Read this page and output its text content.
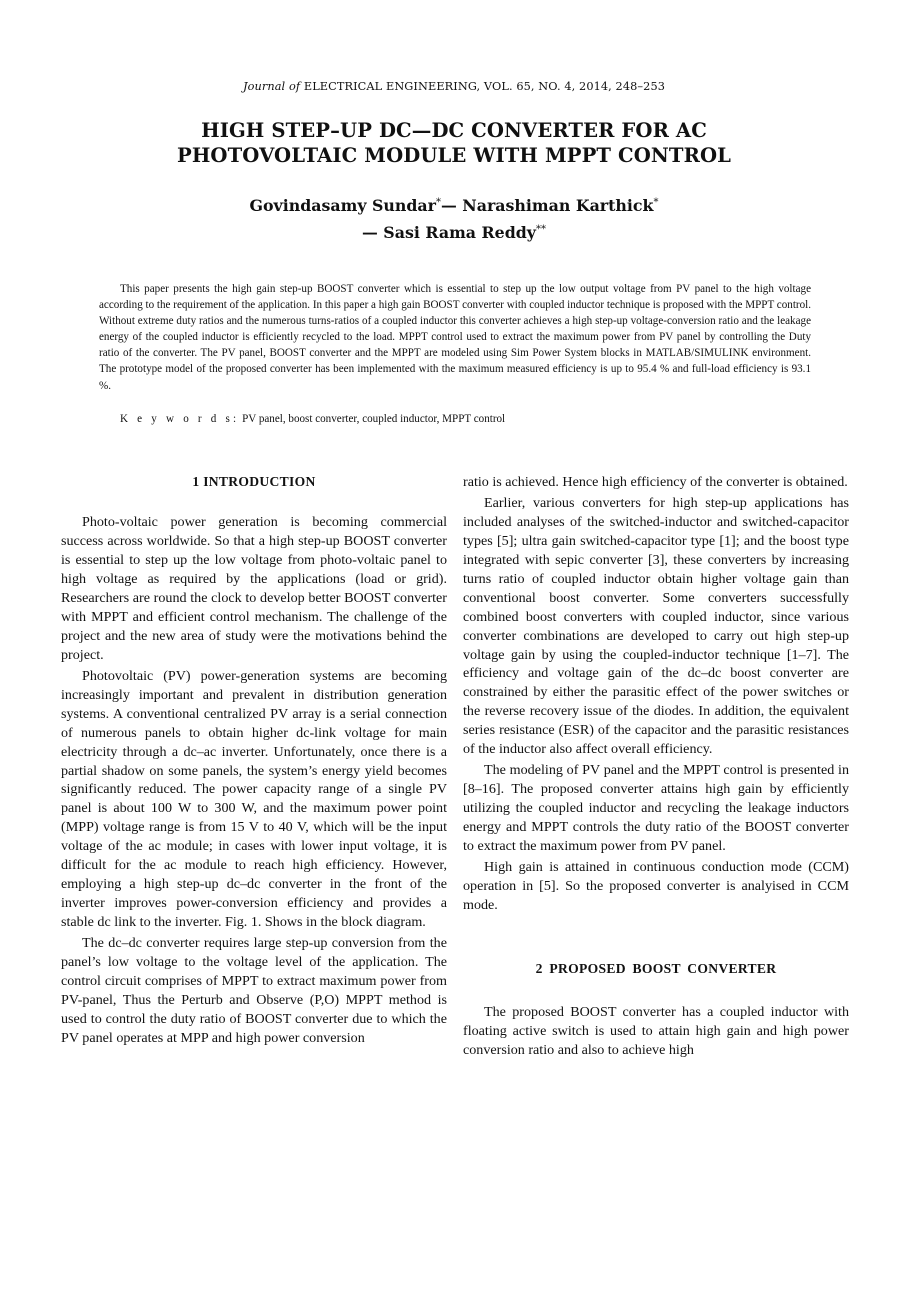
Journal of ELECTRICAL ENGINEERING, VOL. 65, NO. 4, 2014, 248–253
HIGH STEP–UP DC—DC CONVERTER FOR AC
PHOTOVOLTAIC MODULE WITH MPPT CONTROL
Govindasamy Sundar*— Narashiman Karthick*
— Sasi Rama Reddy**
This paper presents the high gain step-up BOOST converter which is essential to step up the low output voltage from PV panel to the high voltage according to the requirement of the application. In this paper a high gain BOOST converter with coupled inductor technique is proposed with the MPPT control. Without extreme duty ratios and the numerous turns-ratios of a coupled inductor this converter achieves a high step-up voltage-conversion ratio and the leakage energy of the coupled inductor is efficiently recycled to the load. MPPT control used to extract the maximum power from PV panel by controlling the Duty ratio of the converter. The PV panel, BOOST converter and the MPPT are modeled using Sim Power System blocks in MATLAB/SIMULINK environment. The prototype model of the proposed converter has been implemented with the maximum measured efficiency is up to 95.4 % and full-load efficiency is 93.1 %.
K e y w o r d s: PV panel, boost converter, coupled inductor, MPPT control
1 INTRODUCTION

Photo-voltaic power generation is becoming commercial success across worldwide. So that a high step-up BOOST converter is essential to step up the low voltage from photo-voltaic panel to high voltage as required by the applications (load or grid). Researchers are round the clock to develop better BOOST converter with MPPT and efficient control mechanism. The challenge of the project and the new area of study were the motivations behind the project.

Photovoltaic (PV) power-generation systems are becoming increasingly important and prevalent in distribution generation systems. A conventional centralized PV array is a serial connection of numerous panels to obtain higher dc-link voltage for main electricity through a dc–ac inverter. Unfortunately, once there is a partial shadow on some panels, the system’s energy yield becomes significantly reduced. The power capacity range of a single PV panel is about 100 W to 300 W, and the maximum power point (MPP) voltage range is from 15 V to 40 V, which will be the input voltage of the ac module; in cases with lower input voltage, it is difficult for the ac module to reach high efficiency. However, employing a high step-up dc–dc converter in the front of the inverter improves power-conversion efficiency and provides a stable dc link to the inverter. Fig. 1. Shows in the block diagram.

The dc–dc converter requires large step-up conversion from the panel’s low voltage to the voltage level of the application. The control circuit comprises of MPPT to extract maximum power from PV-panel, Thus the Perturb and Observe (P,O) MPPT method is used to control the duty ratio of BOOST converter due to which the PV panel operates at MPP and high power conversion

ratio is achieved. Hence high efficiency of the converter is obtained.

Earlier, various converters for high step-up applications has included analyses of the switched-inductor and switched-capacitor types [5]; ultra gain switched-capacitor type [1]; and the boost type integrated with sepic converter [3], these converters by increasing turns ratio of coupled inductor obtain higher voltage gain than conventional boost converter. Some converters successfully combined boost converters with coupled inductor, since various converter combinations are developed to carry out high step-up voltage gain by using the coupled-inductor technique [1–7]. The efficiency and voltage gain of the dc–dc boost converter are constrained by either the parasitic effect of the power switches or the reverse recovery issue of the diodes. In addition, the equivalent series resistance (ESR) of the capacitor and the parasitic resistances of the inductor also affect overall efficiency.

The modeling of PV panel and the MPPT control is presented in [8–16]. The proposed converter attains high gain by efficiently utilizing the coupled inductor and recycling the leakage inductors energy and MPPT controls the duty ratio of the BOOST converter to extract the maximum power from PV panel.

High gain is attained in continuous conduction mode (CCM) operation in [5]. So the proposed converter is analyised in CCM mode.

2 PROPOSED BOOST CONVERTER

The proposed BOOST converter has a coupled inductor with floating active switch is used to attain high gain and high power conversion ratio and also to achieve high
